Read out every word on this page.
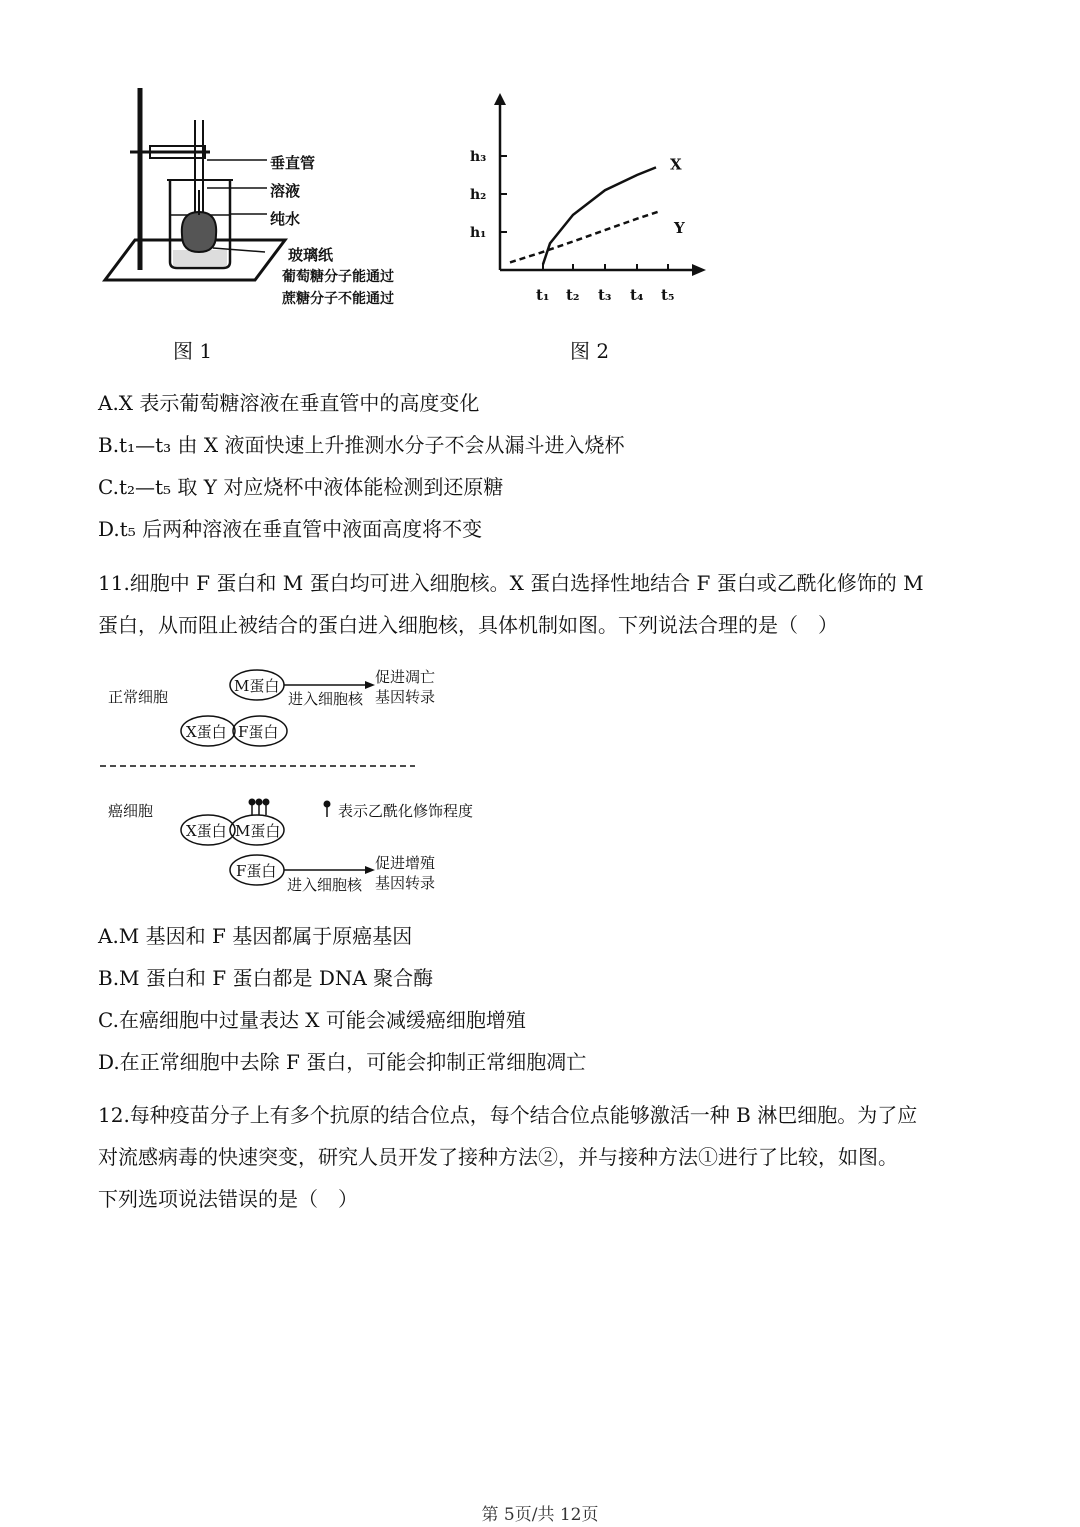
垂直管
溶液
纯水
玻璃纸
葡萄糖分子能通过
蔗糖分子不能通过
图 1
h₁
h₂
h₃
t₁ t₂ t₃ t₄ t₅
X
Y
图 2
A.X 表示葡萄糖溶液在垂直管中的高度变化
B.t₁—t₃ 由 X 液面快速上升推测水分子不会从漏斗进入烧杯
C.t₂—t₅ 取 Y 对应烧杯中液体能检测到还原糖
D.t₅ 后两种溶液在垂直管中液面高度将不变
11.细胞中 F 蛋白和 M 蛋白均可进入细胞核。X 蛋白选择性地结合 F 蛋白或乙酰化修饰的 M
蛋白，从而阻止被结合的蛋白进入细胞核，具体机制如图。下列说法合理的是（　）
正常细胞
M蛋白
进入细胞核
促进凋亡
基因转录
X蛋白 F蛋白
癌细胞	表示乙酰化修饰程度
X蛋白 M蛋白
F蛋白
进入细胞核
促进增殖
基因转录
A.M 基因和 F 基因都属于原癌基因
B.M 蛋白和 F 蛋白都是 DNA 聚合酶
C.在癌细胞中过量表达 X 可能会减缓癌细胞增殖
D.在正常细胞中去除 F 蛋白，可能会抑制正常细胞凋亡
12.每种疫苗分子上有多个抗原的结合位点，每个结合位点能够激活一种 B 淋巴细胞。为了应
对流感病毒的快速突变，研究人员开发了接种方法②，并与接种方法①进行了比较，如图。
下列选项说法错误的是（　）
第 5页/共 12页
